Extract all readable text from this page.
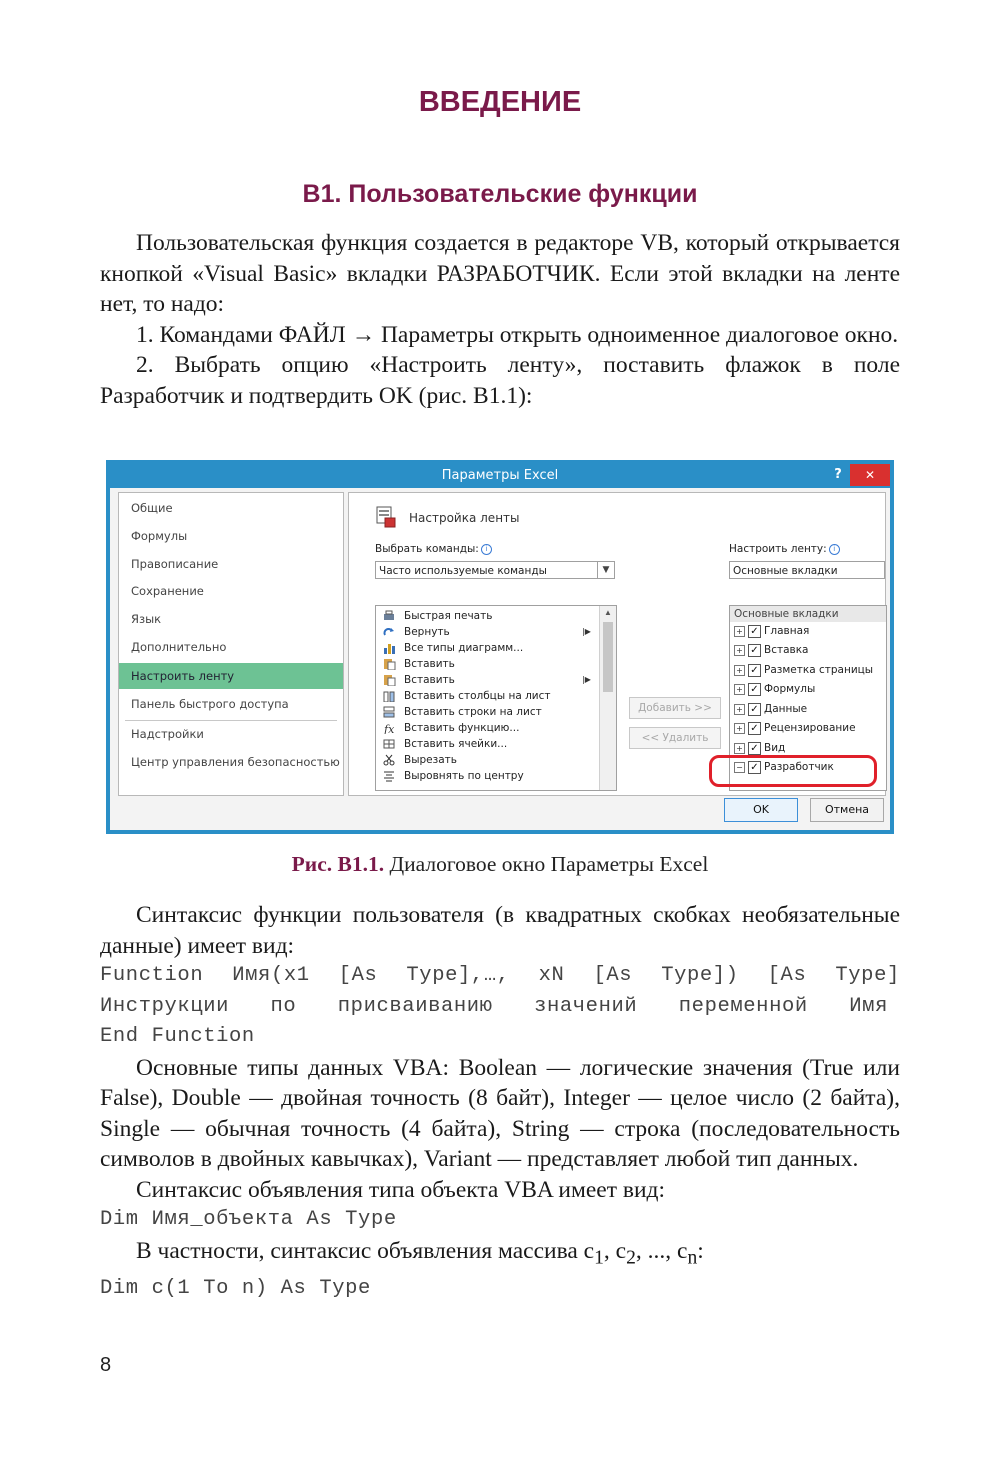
ВВЕДЕНИЕ
В1. Пользовательские функции

Пользовательская функция создается в редакторе VB, который открывается кнопкой «Visual Basic» вкладки РАЗРАБОТЧИК. Если этой вкладки на ленте нет, то надо:

1. Командами ФАЙЛ → Параметры открыть одноименное диалоговое окно.

2. Выбрать опцию «Настроить ленту», поставить флажок в поле Разработчик и подтвердить OK (рис. В1.1):

Параметры Excel	?	✕
Общие
Формулы
Правописание
Сохранение
Язык
Дополнительно
Настроить ленту
Панель быстрого доступа
Надстройки
Центр управления безопасностью
Настройка ленты
Выбрать команды: i
Часто используемые команды	▼
Настроить ленту: i
Основные вкладки
Быстрая печать
Вернуть	|▶
Все типы диаграмм...
Вставить
Вставить	|▶
Вставить столбцы на лист
Вставить строки на лист
fx Вставить функцию...
Вставить ячейки...
Вырезать
Выровнять по центру
▲
Добавить >>
<< Удалить
Основные вкладки
+ ✓ Главная
+ ✓ Вставка
+ ✓ Разметка страницы
+ ✓ Формулы
+ ✓ Данные
+ ✓ Рецензирование
+ ✓ Вид
− ✓ Разработчик
OK	Отмена
Рис. В1.1. Диалоговое окно Параметры Excel

Синтаксис функции пользователя (в квадратных скобках необязательные данные) имеет вид:

Function Имя(x1 [As Type],…, xN [As Type]) [As Type]
Инструкции по присваиванию значений переменной Имя
End Function

Основные типы данных VBA: Boolean — логические значения (True или False), Double — двойная точность (8 байт), Integer — целое число (2 байта), Single — обычная точность (4 байта), String — строка (последовательность символов в двойных кавычках), Variant — представляет любой тип данных.

Синтаксис объявления типа объекта VBA имеет вид:

Dim Имя_объекта As Type

В частности, синтаксис объявления массива $c_1$, $c_2$, ..., $c_n$:

Dim c(1 To n) As Type
8
